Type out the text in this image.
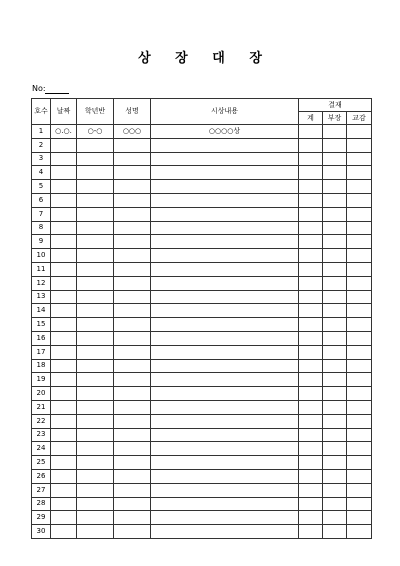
상 장 대 장
No:
호수	날짜	학년반	성명	시상내용	결재		
					계	부장	교감
1	○.○.	○-○	○○○	○○○○상			
2							
3							
4							
5							
6							
7							
8							
9							
10							
11							
12							
13							
14							
15							
16							
17							
18							
19							
20							
21							
22							
23							
24							
25							
26							
27							
28							
29							
30							
